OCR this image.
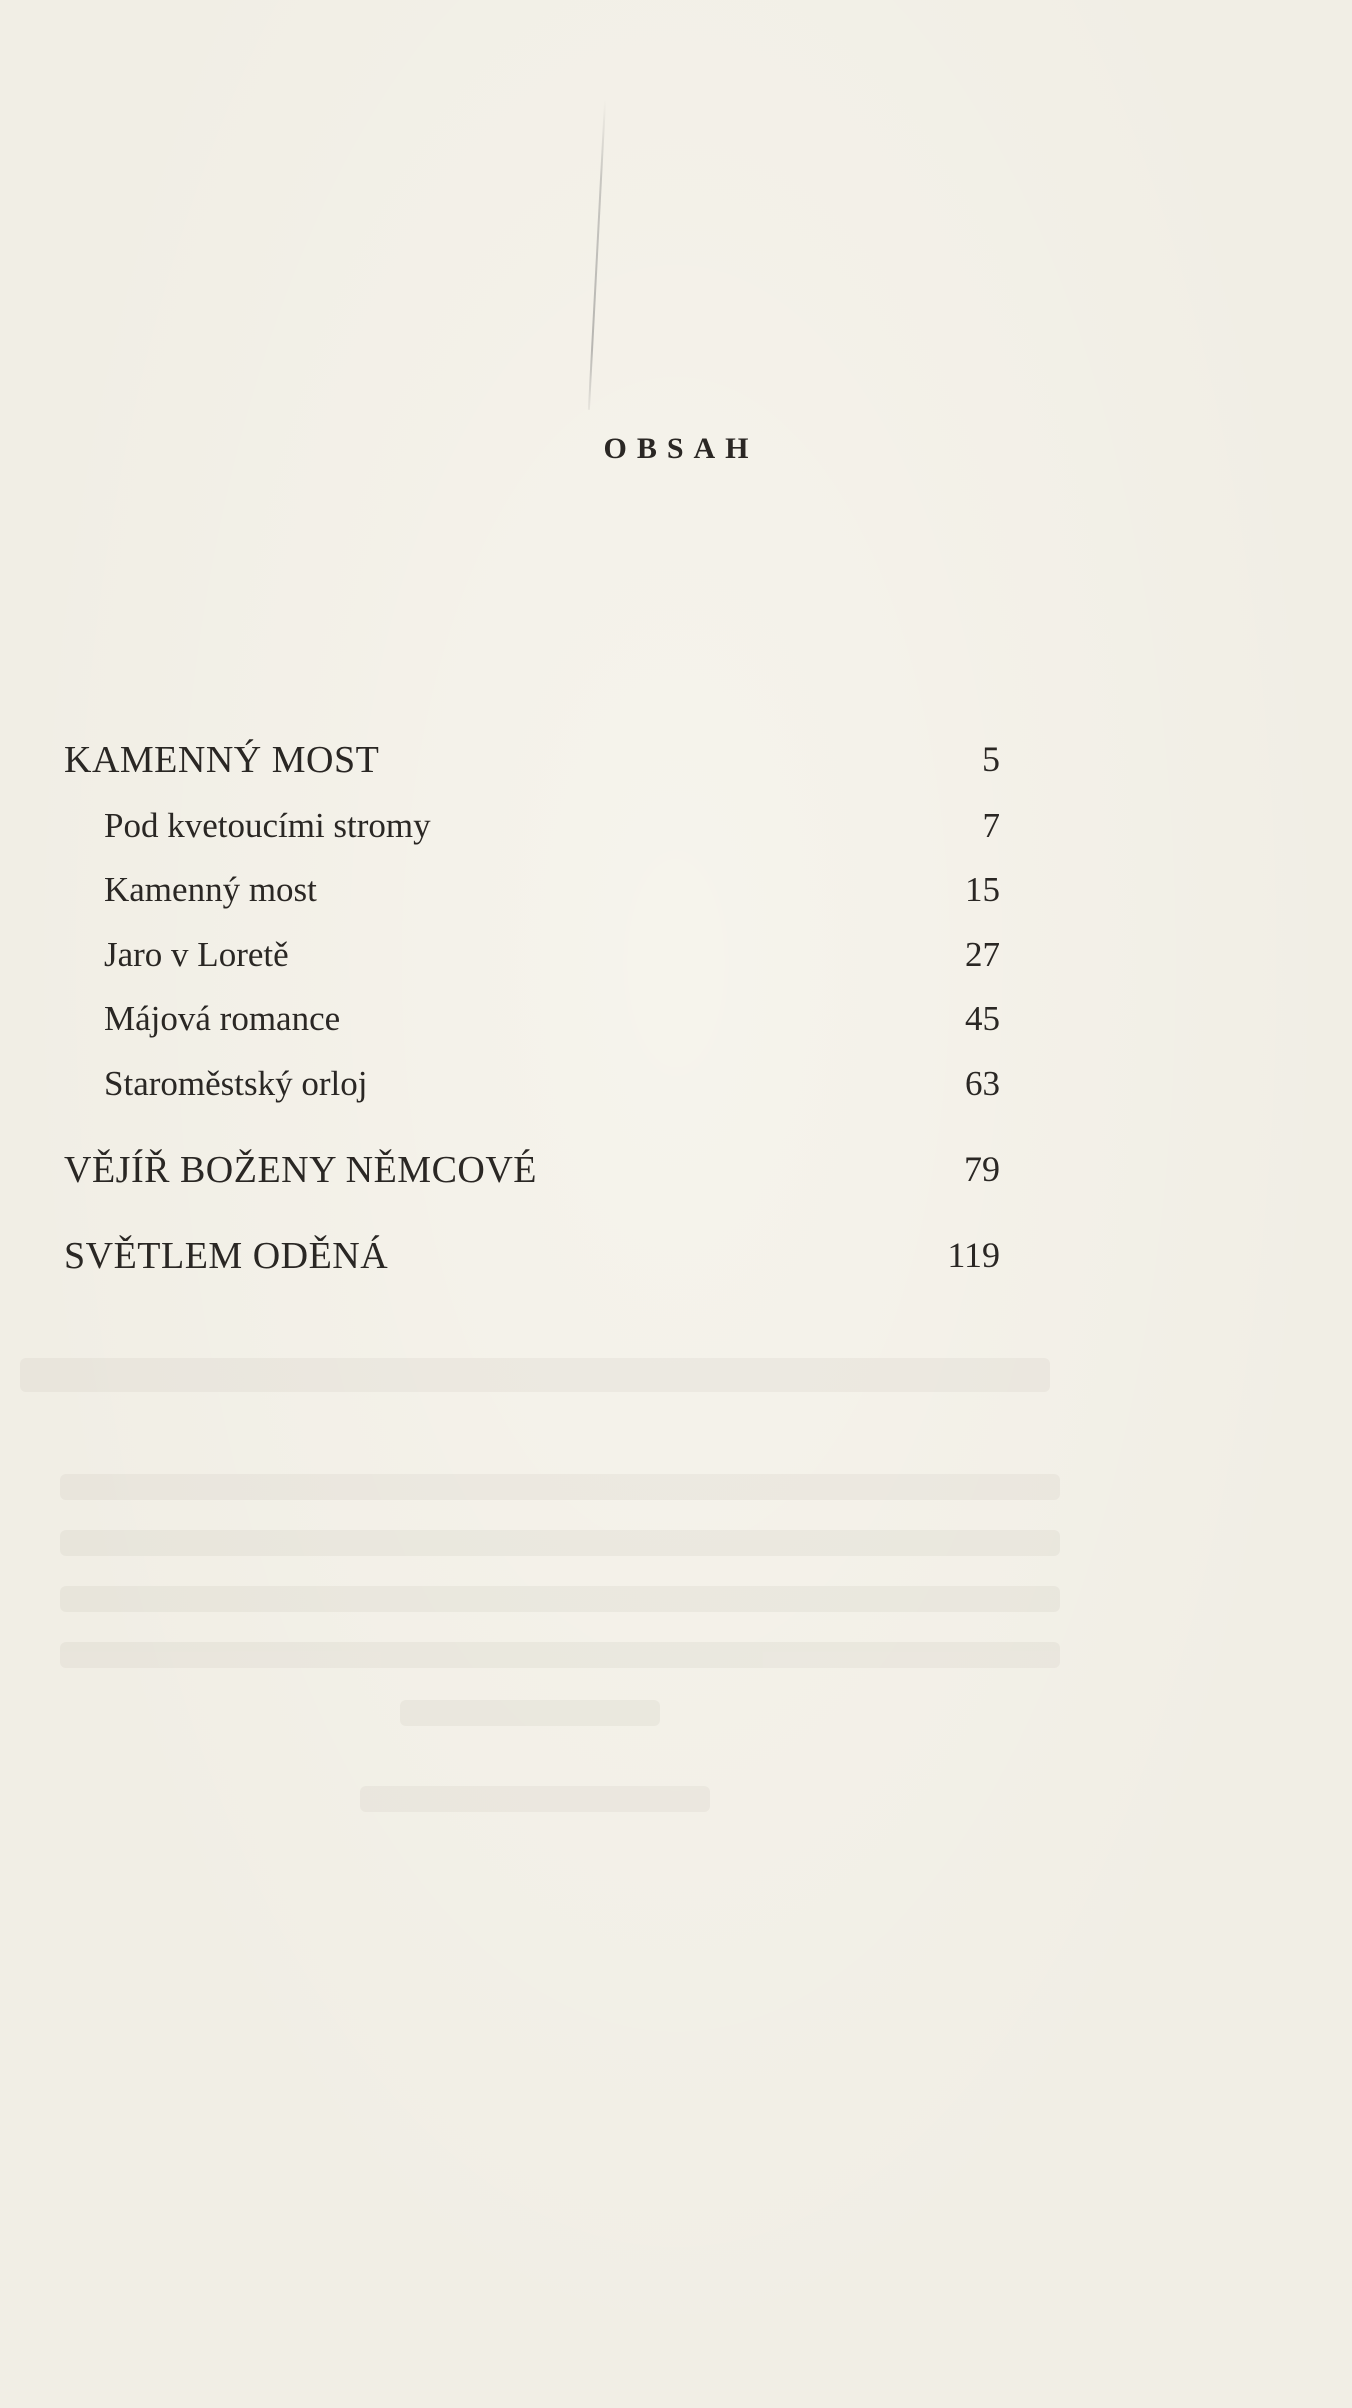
OBSAH
KAMENNÝ MOST	5
Pod kvetoucími stromy	7
Kamenný most	15
Jaro v Loretě	27
Májová romance	45
Staroměstský orloj	63
VĚJÍŘ BOŽENY NĚMCOVÉ	79
SVĚTLEM ODĚNÁ	119
